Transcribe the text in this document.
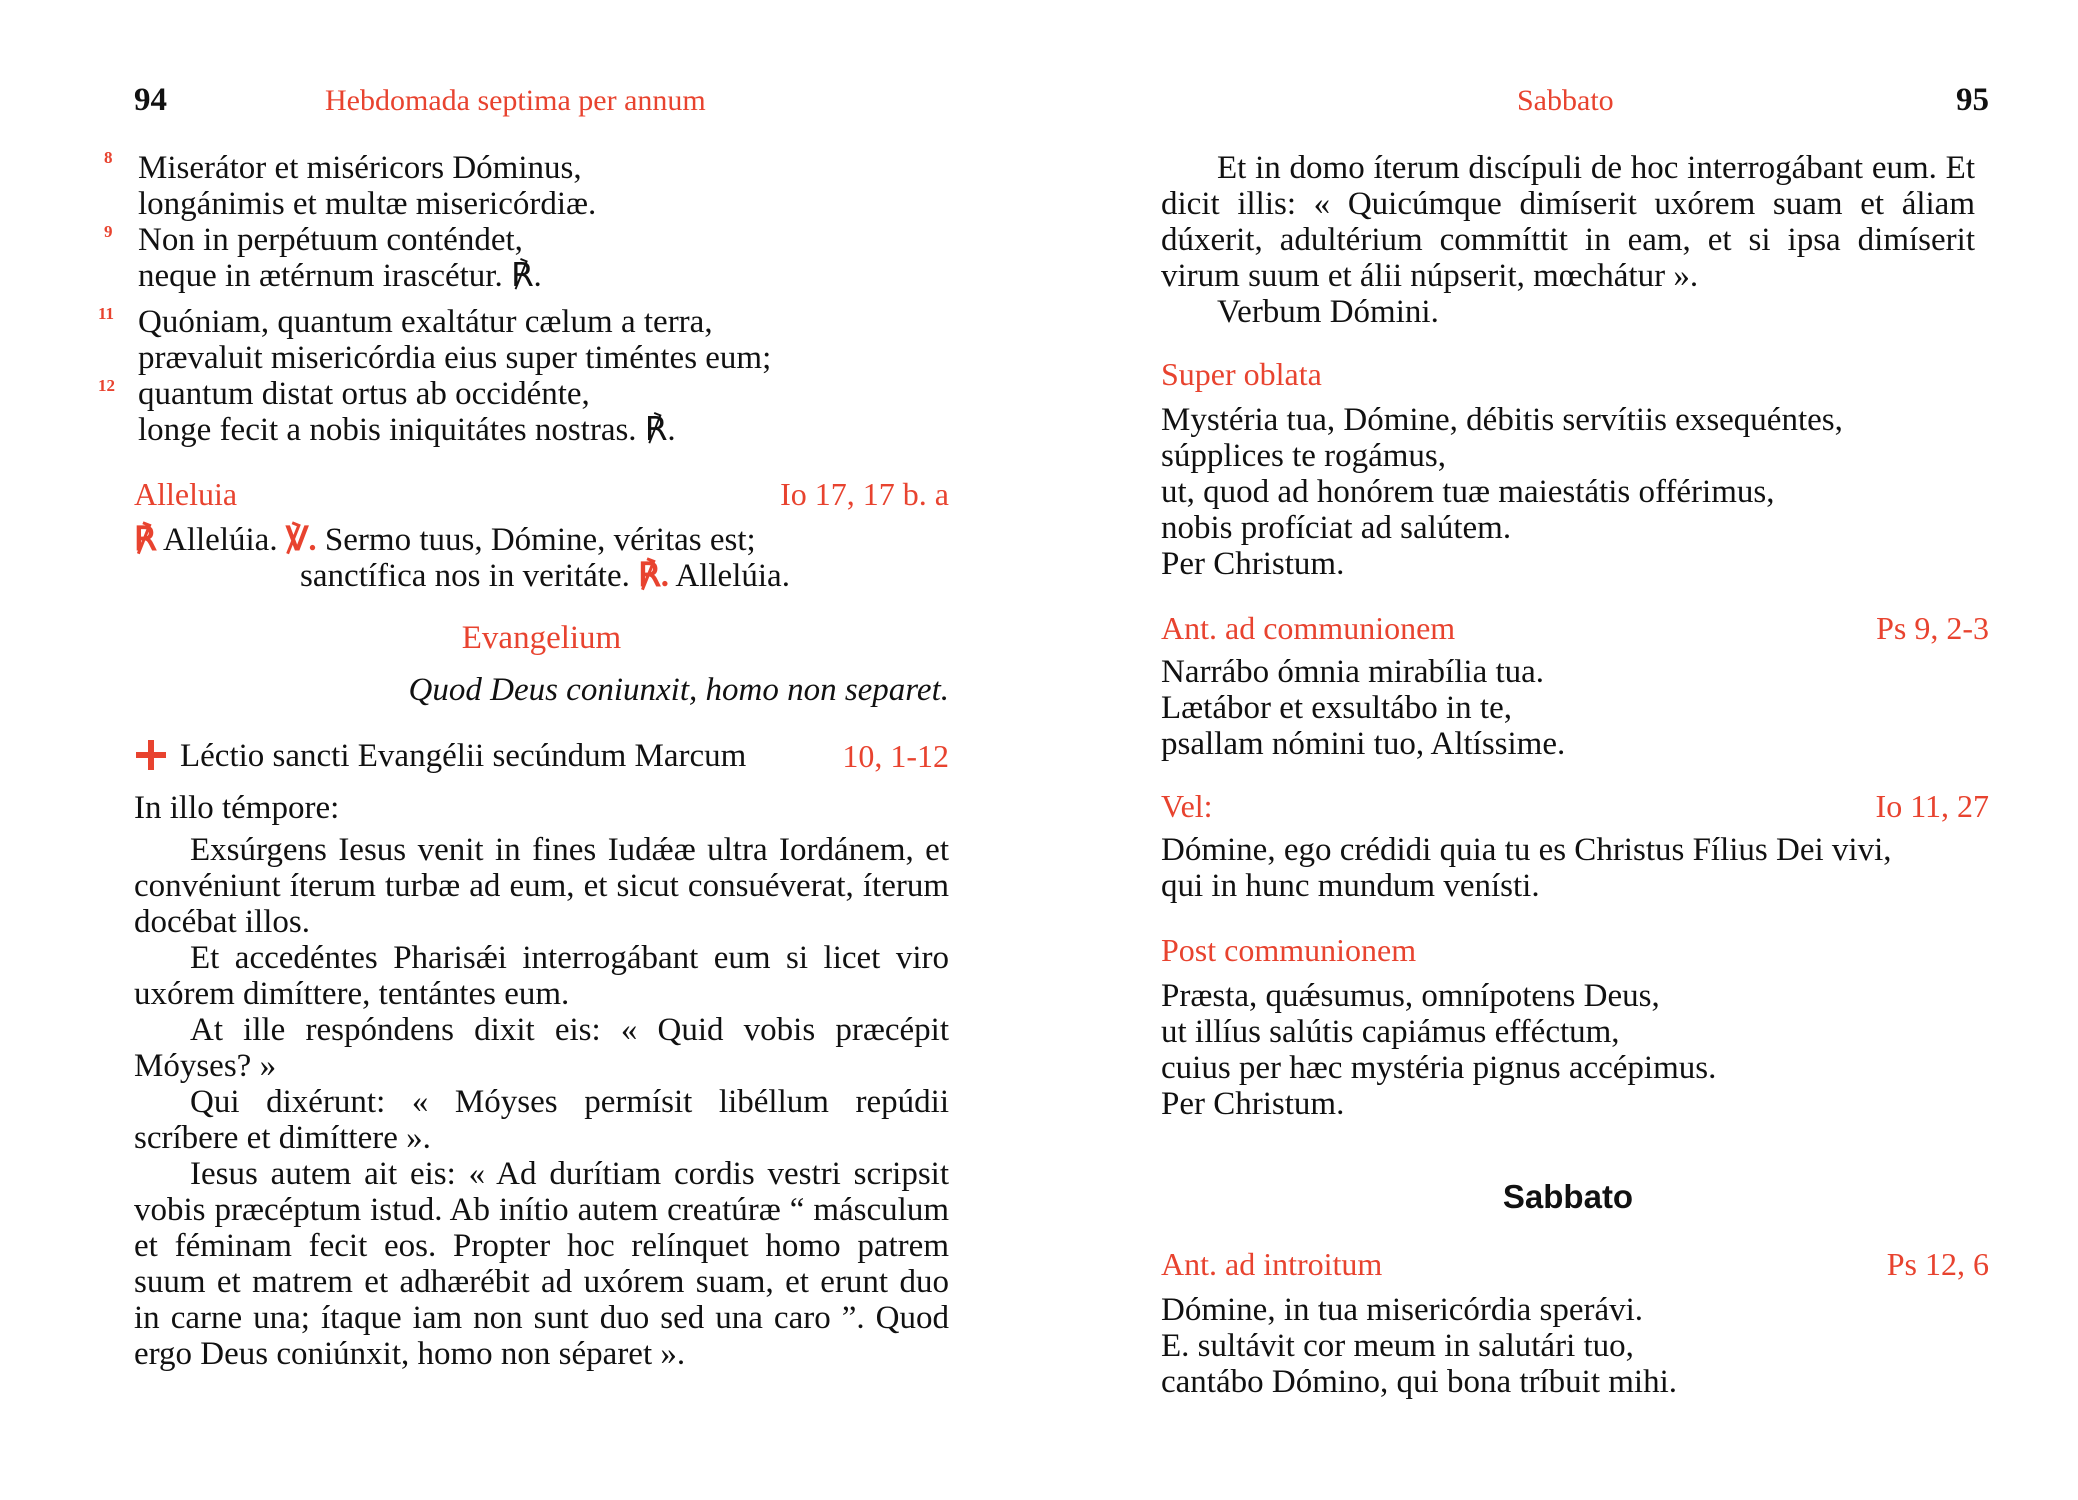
94	Hebdomada septima per annum
8
9
11
12
Miserátor et miséricors Dóminus,
longánimis et multæ misericórdiæ.
Non in perpétuum conténdet,
neque in ætérnum irascétur. ℟.
Quóniam, quantum exaltátur cælum a terra,
prævaluit misericórdia eius super timéntes eum;
quantum distat ortus ab occidénte,
longe fecit a nobis iniquitátes nostras. ℟.
Alleluia	Io 17, 17 b. a
℟ Allelúia. ℣. Sermo tuus, Dómine, véritas est;
sanctífica nos in veritáte. ℟. Allelúia.
Evangelium
Quod Deus coniunxit, homo non separet.
Léctio sancti Evangélii secúndum Marcum	10, 1-12
In illo témpore:
Exsúrgens Iesus venit in fines Iudǽæ ultra Iordánem, et convéniunt íterum turbæ ad eum, et sicut consuéverat, íterum docébat illos.
Et accedéntes Pharisǽi interrogábant eum si licet viro uxórem dimíttere, tentántes eum.
At ille respóndens dixit eis: « Quid vobis præcépit Móyses? »
Qui dixérunt: « Móyses permísit libéllum repúdii scríbere et dimíttere ».
Iesus autem ait eis: « Ad durítiam cordis vestri scripsit vobis præcéptum istud. Ab inítio autem creatúræ “ másculum et féminam fecit eos. Propter hoc relínquet homo patrem suum et matrem et adhærébit ad uxórem suam, et erunt duo in carne una; ítaque iam non sunt duo sed una caro ”. Quod ergo Deus coniúnxit, homo non séparet ».
Sabbato	95
Et in domo íterum discípuli de hoc interrogábant eum. Et dicit illis: « Quicúmque dimíserit uxórem suam et áliam dúxerit, adultérium commíttit in eam, et si ipsa dimíserit virum suum et álii núpserit, mœchátur ».
Verbum Dómini.
Super oblata
Mystéria tua, Dómine, débitis servítiis exsequéntes,
súpplices te rogámus,
ut, quod ad honórem tuæ maiestátis offérimus,
nobis profíciat ad salútem.
Per Christum.
Ant. ad communionem	Ps 9, 2-3
Narrábo ómnia mirabília tua.
Lætábor et exsultábo in te,
psallam nómini tuo, Altíssime.
Vel:	Io 11, 27
Dómine, ego crédidi quia tu es Christus Fílius Dei vivi,
qui in hunc mundum venísti.
Post communionem
Præsta, quǽsumus, omnípotens Deus,
ut illíus salútis capiámus efféctum,
cuius per hæc mystéria pignus accépimus.
Per Christum.
Sabbato
Ant. ad introitum	Ps 12, 6
Dómine, in tua misericórdia sperávi.
E. sultávit cor meum in salutári tuo,
cantábo Dómino, qui bona tríbuit mihi.
